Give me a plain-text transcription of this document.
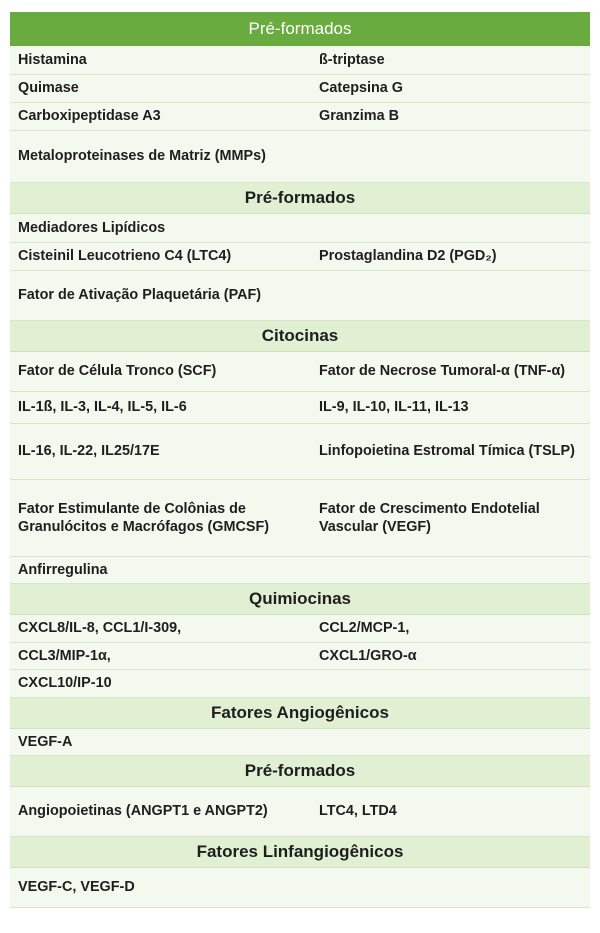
Pré-formados	
Histamina	ß-triptase
Quimase	Catepsina G
Carboxipeptidase A3	Granzima B
Metaloproteinases de Matriz (MMPs)	
Pré-formados	
Mediadores Lipídicos	
Cisteinil Leucotrieno C4 (LTC4)	Prostaglandina D2 (PGD₂)
Fator de Ativação Plaquetária (PAF)	
Citocinas	
Fator de Célula Tronco (SCF)	Fator de Necrose Tumoral-α (TNF-α)
IL-1ß, IL-3, IL-4, IL-5, IL-6	IL-9, IL-10, IL-11, IL-13
IL-16, IL-22, IL25/17E	Linfopoietina Estromal Tímica (TSLP)
Fator Estimulante de Colônias de Granulócitos e Macrófagos (GMCSF)	Fator de Crescimento Endotelial Vascular (VEGF)
Anfirregulina	
Quimiocinas	
CXCL8/IL-8, CCL1/I-309,	CCL2/MCP-1,
CCL3/MIP-1α,	CXCL1/GRO-α
CXCL10/IP-10	
Fatores Angiogênicos	
VEGF-A	
Pré-formados	
Angiopoietinas (ANGPT1 e ANGPT2)	LTC4, LTD4
Fatores Linfangiogênicos	
VEGF-C, VEGF-D	
